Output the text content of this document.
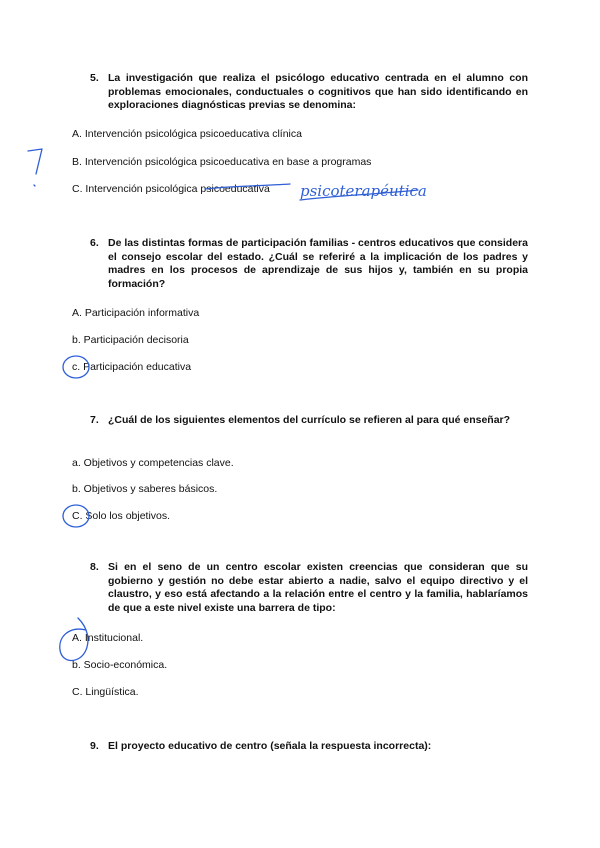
5. La investigación que realiza el psicólogo educativo centrada en el alumno con problemas emocionales, conductuales o cognitivos que han sido identificando en exploraciones diagnósticas previas se denomina:
A. Intervención psicológica psicoeducativa clínica
B. Intervención psicológica psicoeducativa en base a programas
C. Intervención psicológica psicoeducativa
6. De las distintas formas de participación familias - centros educativos que considera el consejo escolar del estado. ¿Cuál se referiré a la implicación de los padres y madres en los procesos de aprendizaje de sus hijos y, también en su propia formación?
A. Participación informativa
b. Participación decisoria
c. Participación educativa
7. ¿Cuál de los siguientes elementos del currículo se refieren al para qué enseñar?
a. Objetivos y competencias clave.
b. Objetivos y saberes básicos.
C. Solo los objetivos.
8. Si en el seno de un centro escolar existen creencias que consideran que su gobierno y gestión no debe estar abierto a nadie, salvo el equipo directivo y el claustro, y eso está afectando a la relación entre el centro y la familia, hablaríamos de que a este nivel existe una barrera de tipo:
A. Institucional.
b. Socio-económica.
C. Lingüística.
9. El proyecto educativo de centro (señala la respuesta incorrecta):
psicoterapéutica
